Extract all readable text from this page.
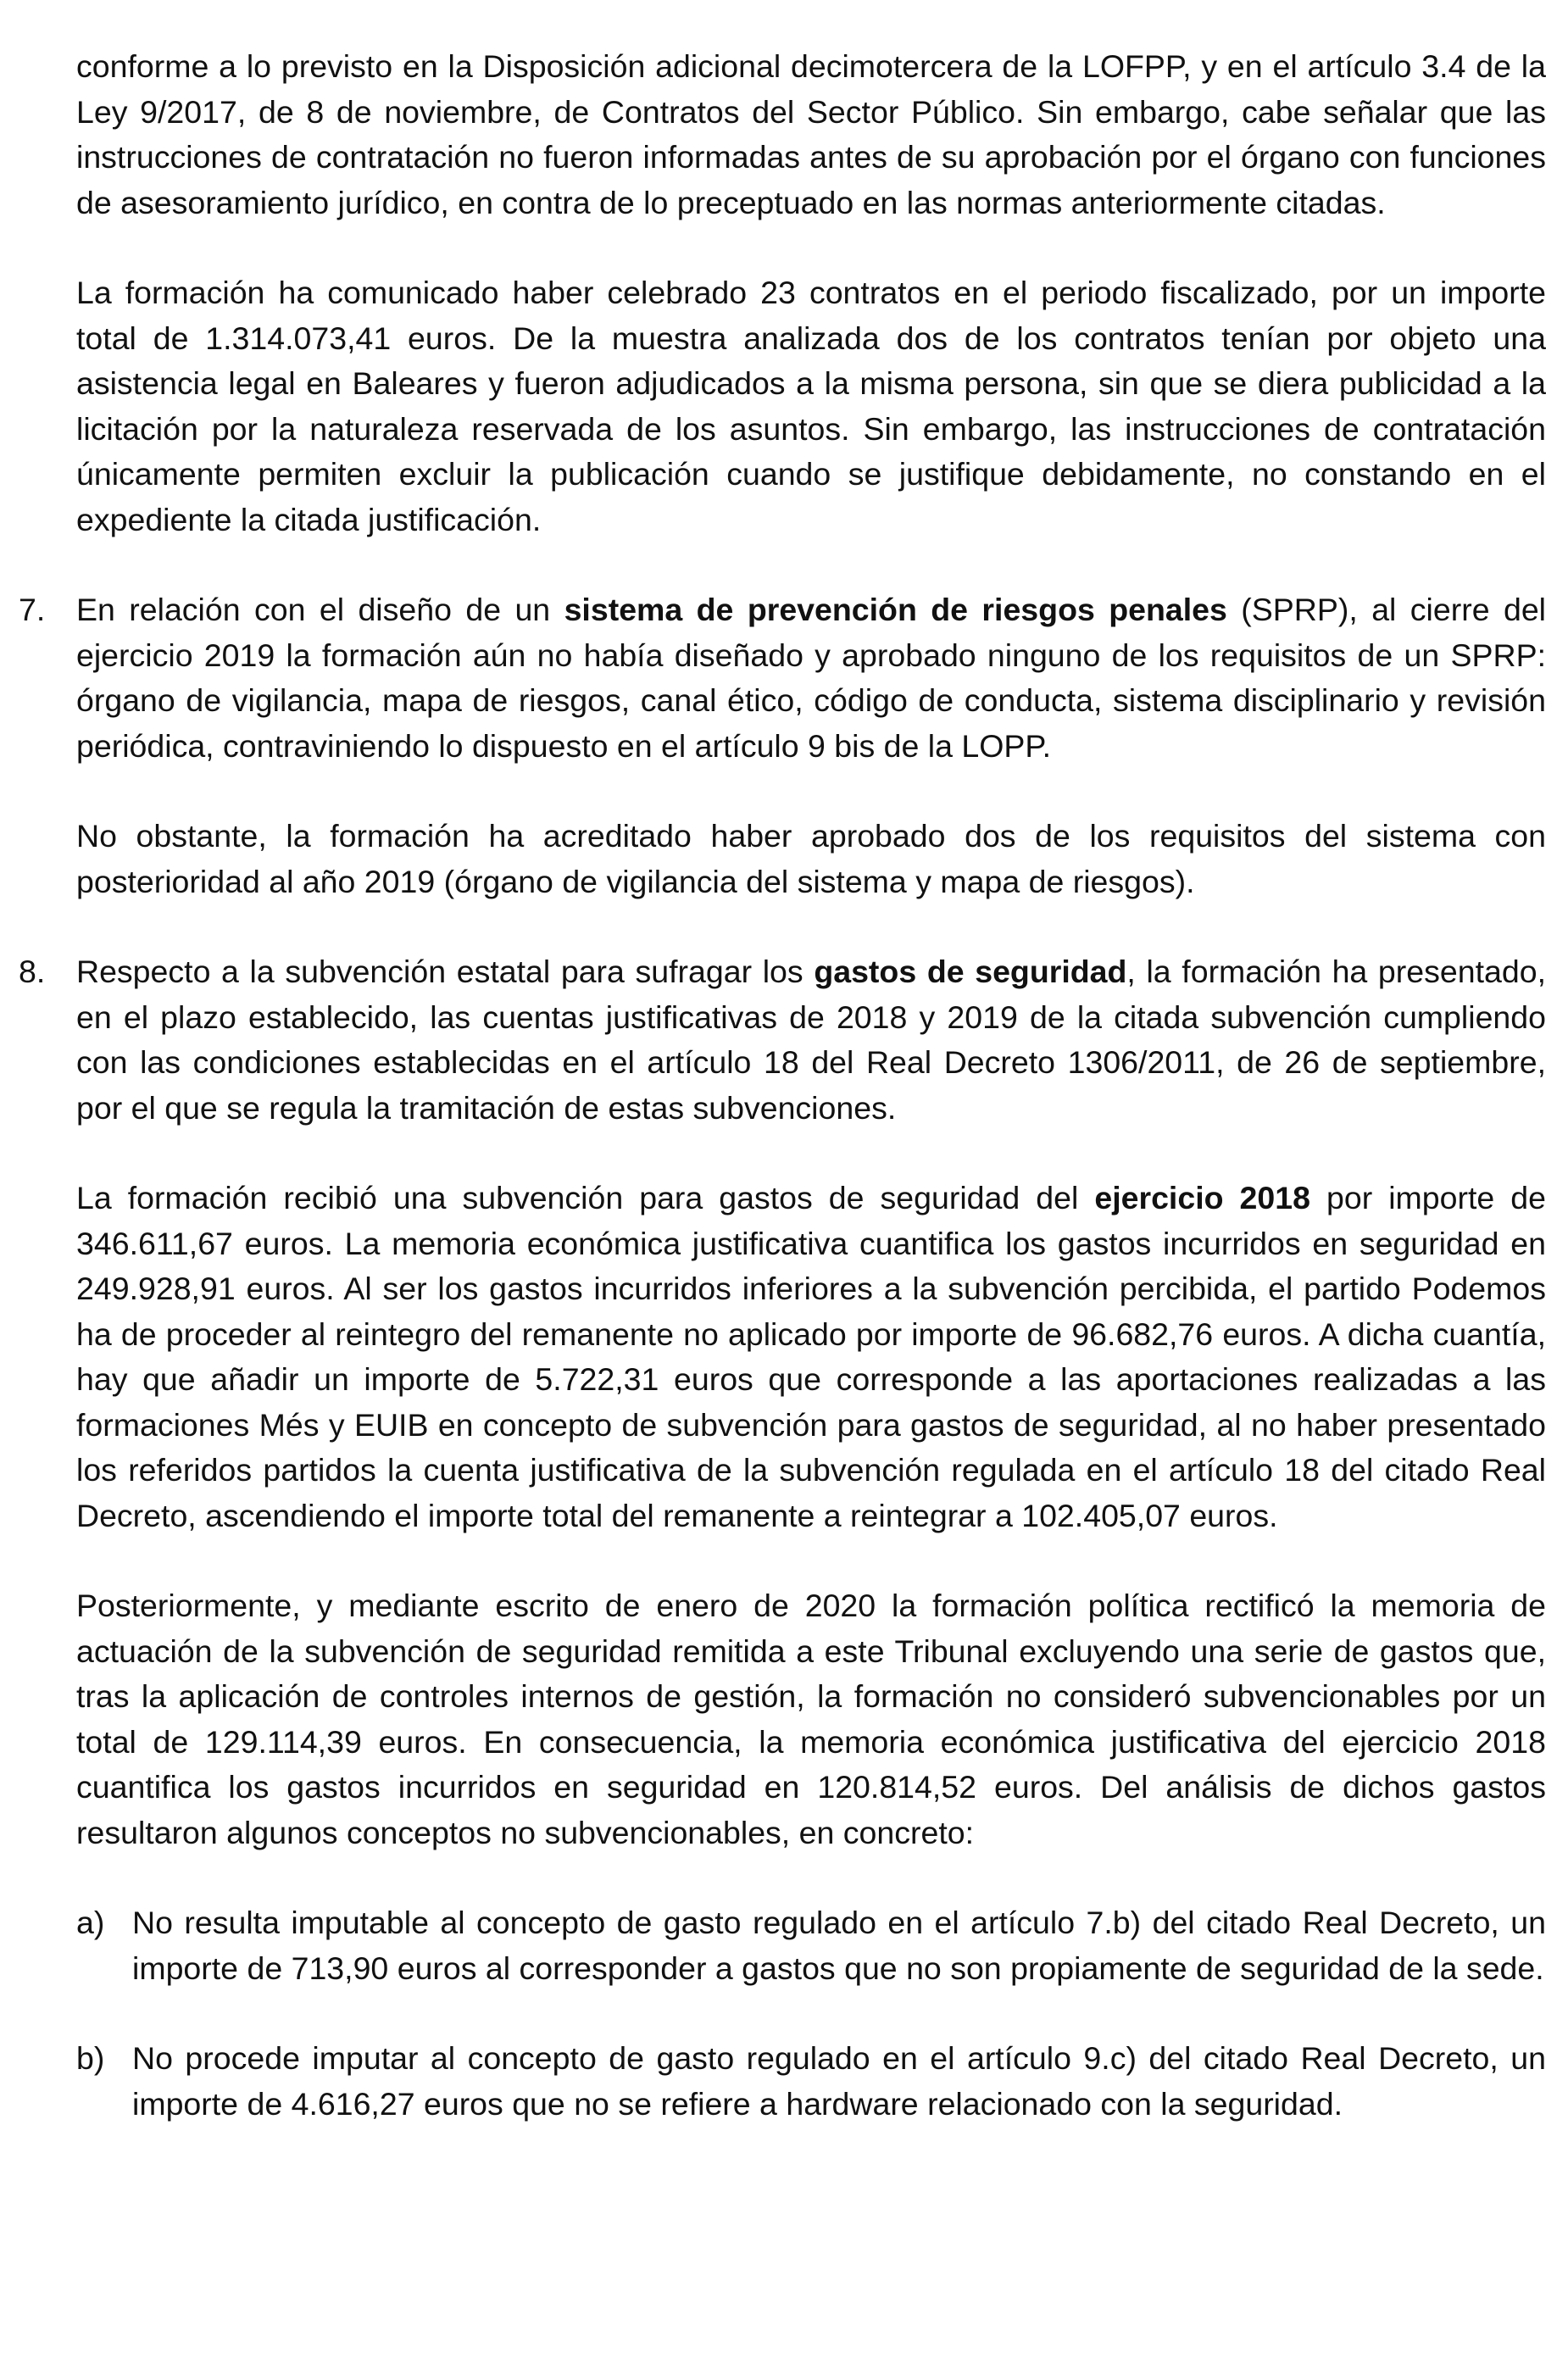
conforme a lo previsto en la Disposición adicional decimotercera de la LOFPP, y en el artículo 3.4 de la Ley 9/2017, de 8 de noviembre, de Contratos del Sector Público. Sin embargo, cabe señalar que las instrucciones de contratación no fueron informadas antes de su aprobación por el órgano con funciones de asesoramiento jurídico, en contra de lo preceptuado en las normas anteriormente citadas.

La formación ha comunicado haber celebrado 23 contratos en el periodo fiscalizado, por un importe total de 1.314.073,41 euros. De la muestra analizada dos de los contratos tenían por objeto una asistencia legal en Baleares y fueron adjudicados a la misma persona, sin que se diera publicidad a la licitación por la naturaleza reservada de los asuntos. Sin embargo, las instrucciones de contratación únicamente permiten excluir la publicación cuando se justifique debidamente, no constando en el expediente la citada justificación.

7. En relación con el diseño de un sistema de prevención de riesgos penales (SPRP), al cierre del ejercicio 2019 la formación aún no había diseñado y aprobado ninguno de los requisitos de un SPRP: órgano de vigilancia, mapa de riesgos, canal ético, código de conducta, sistema disciplinario y revisión periódica, contraviniendo lo dispuesto en el artículo 9 bis de la LOPP.

No obstante, la formación ha acreditado haber aprobado dos de los requisitos del sistema con posterioridad al año 2019 (órgano de vigilancia del sistema y mapa de riesgos).

8. Respecto a la subvención estatal para sufragar los gastos de seguridad, la formación ha presentado, en el plazo establecido, las cuentas justificativas de 2018 y 2019 de la citada subvención cumpliendo con las condiciones establecidas en el artículo 18 del Real Decreto 1306/2011, de 26 de septiembre, por el que se regula la tramitación de estas subvenciones.
La formación recibió una subvención para gastos de seguridad del ejercicio 2018 por importe de 346.611,67 euros. La memoria económica justificativa cuantifica los gastos incurridos en seguridad en 249.928,91 euros. Al ser los gastos incurridos inferiores a la subvención percibida, el partido Podemos ha de proceder al reintegro del remanente no aplicado por importe de 96.682,76 euros. A dicha cuantía, hay que añadir un importe de 5.722,31 euros que corresponde a las aportaciones realizadas a las formaciones Més y EUIB en concepto de subvención para gastos de seguridad, al no haber presentado los referidos partidos la cuenta justificativa de la subvención regulada en el artículo 18 del citado Real Decreto, ascendiendo el importe total del remanente a reintegrar a 102.405,07 euros.

Posteriormente, y mediante escrito de enero de 2020 la formación política rectificó la memoria de actuación de la subvención de seguridad remitida a este Tribunal excluyendo una serie de gastos que, tras la aplicación de controles internos de gestión, la formación no consideró subvencionables por un total de 129.114,39 euros. En consecuencia, la memoria económica justificativa del ejercicio 2018 cuantifica los gastos incurridos en seguridad en 120.814,52 euros. Del análisis de dichos gastos resultaron algunos conceptos no subvencionables, en concreto:

a) No resulta imputable al concepto de gasto regulado en el artículo 7.b) del citado Real Decreto, un importe de 713,90 euros al corresponder a gastos que no son propiamente de seguridad de la sede.
b) No procede imputar al concepto de gasto regulado en el artículo 9.c) del citado Real Decreto, un importe de 4.616,27 euros que no se refiere a hardware relacionado con la seguridad.
